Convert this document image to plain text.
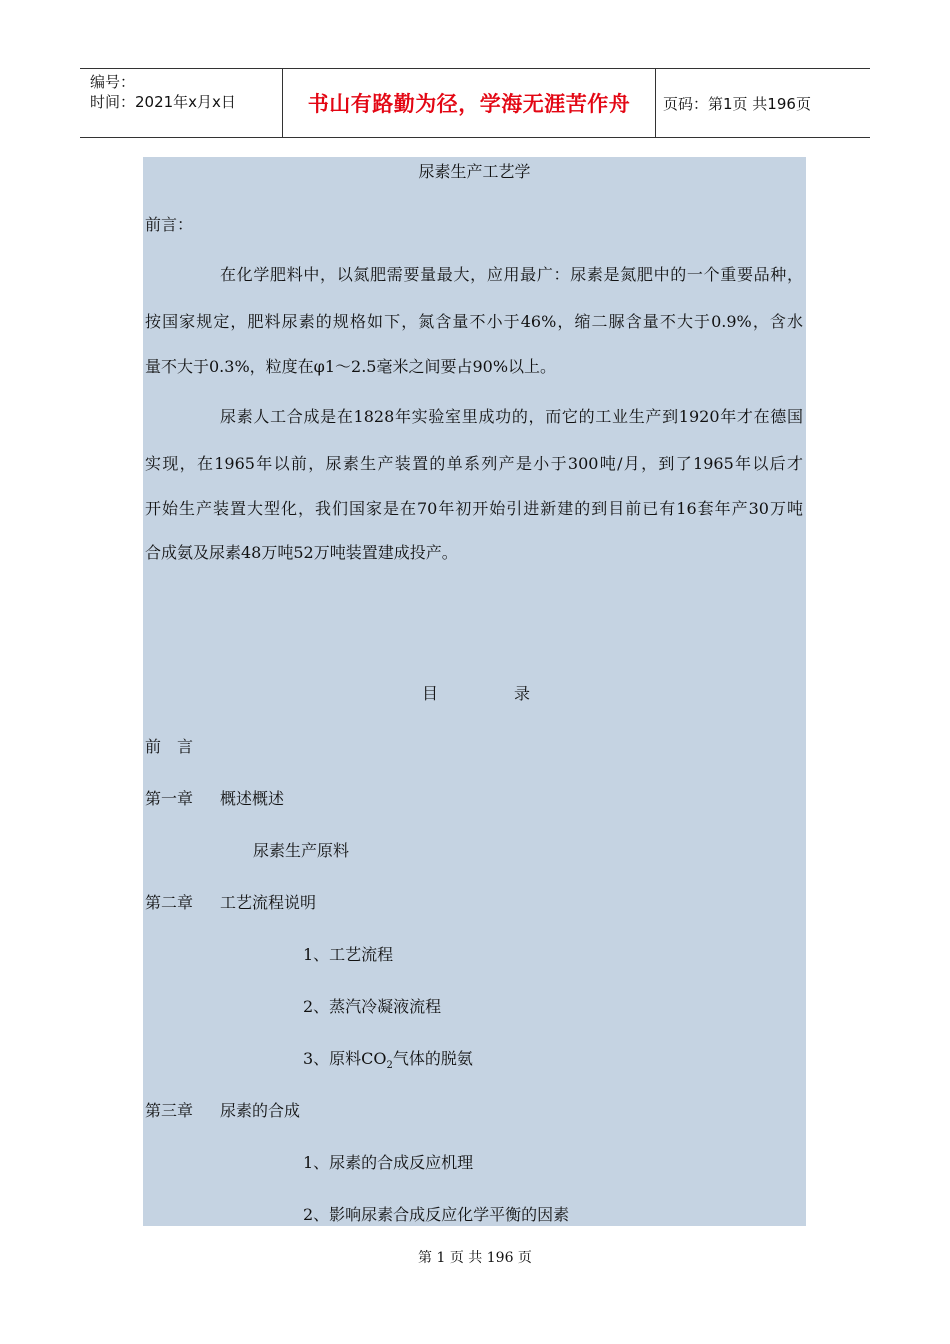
编号：
时间：2021年x月x日	书山有路勤为径，学海无涯苦作舟	页码：第1页 共196页
尿素生产工艺学
前言：
在化学肥料中，以氮肥需要量最大，应用最广：尿素是氮肥中的一个重要品种，
按国家规定，肥料尿素的规格如下，氮含量不小于46%，缩二脲含量不大于0.9%，含水
量不大于0.3%，粒度在φ1～2.5毫米之间要占90%以上。
尿素人工合成是在1828年实验室里成功的，而它的工业生产到1920年才在德国
实现，在1965年以前，尿素生产装置的单系列产是小于300吨/月，到了1965年以后才
开始生产装置大型化，我们国家是在70年初开始引进新建的到目前已有16套年产30万吨
合成氨及尿素48万吨52万吨装置建成投产。
目	录
前　言
第一章 概述概述
尿素生产原料
第二章 工艺流程说明
1、工艺流程
2、蒸汽冷凝液流程
3、原料$CO_2$气体的脱氨
第三章 尿素的合成
1、尿素的合成反应机理
2、影响尿素合成反应化学平衡的因素
第 1 页 共 196 页
